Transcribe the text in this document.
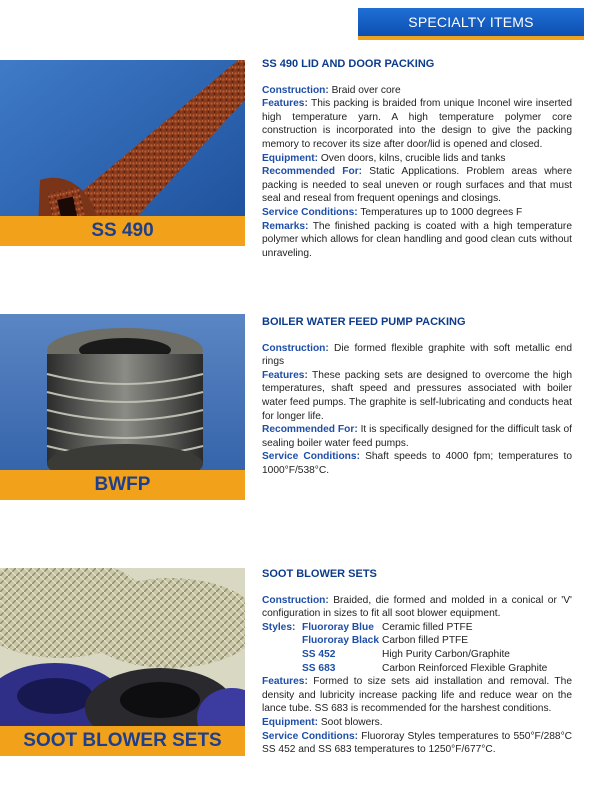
SPECIALTY ITEMS
SS 490
SS 490 LID AND DOOR PACKING

Construction: Braid over core

Features: This packing is braided from unique Inconel wire inserted high temperature yarn. A high temperature polymer core construction is incorporated into the design to give the packing memory to recover its size after door/lid is opened and closed.

Equipment: Oven doors, kilns, crucible lids and tanks

Recommended For: Static Applications. Problem areas where packing is needed to seal uneven or rough surfaces and that must seal and reseal from frequent openings and closings.

Service Conditions: Temperatures up to 1000 degrees F

Remarks: The finished packing is coated with a high temperature polymer which allows for clean handling and good clean cuts without unraveling.

BWFP
BOILER WATER FEED PUMP PACKING

Construction: Die formed flexible graphite with soft metallic end rings

Features: These packing sets are designed to overcome the high temperatures, shaft speed and pressures associated with boiler water feed pumps. The graphite is self-lubricating and conducts heat for longer life.

Recommended For: It is specifically designed for the difficult task of sealing boiler water feed pumps.

Service Conditions: Shaft speeds to 4000 fpm; temperatures to 1000°F/538°C.

SOOT BLOWER SETS
SOOT BLOWER SETS

Construction: Braided, die formed and molded in a conical or 'V' configuration in sizes to fit all soot blower equipment.

Styles:	Fluororay Blue	Ceramic filled PTFE
	Fluororay Black	Carbon filled PTFE
	SS 452	High Purity Carbon/Graphite
	SS 683	Carbon Reinforced Flexible Graphite

Features: Formed to size sets aid installation and removal. The density and lubricity increase packing life and reduce wear on the lance tube. SS 683 is recommended for the harshest conditions.

Equipment: Soot blowers.

Service Conditions: Fluororay Styles temperatures to 550°F/288°C SS 452 and SS 683 temperatures to 1250°F/677°C.
